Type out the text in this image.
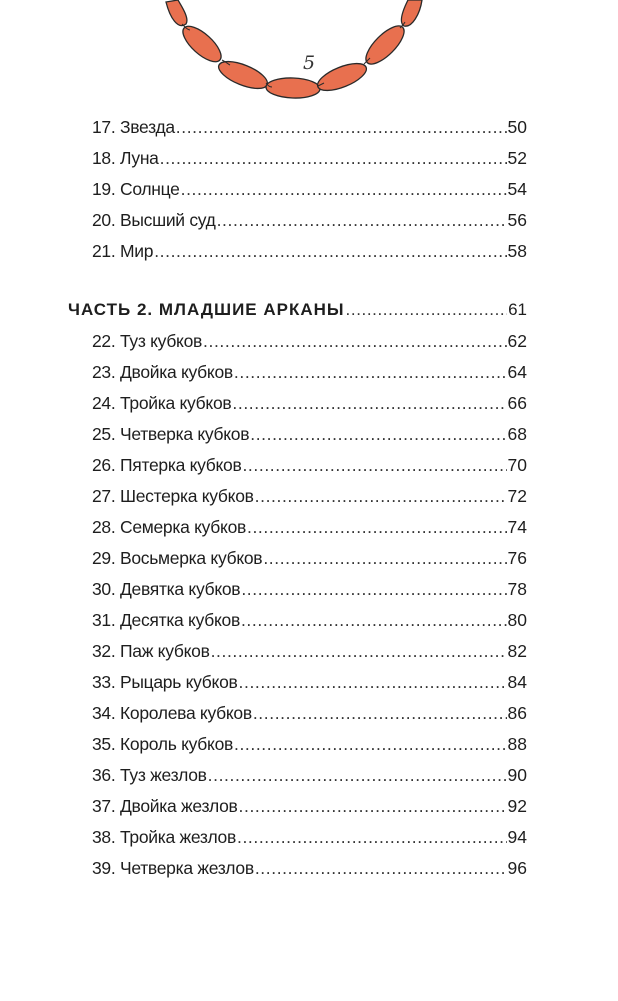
5
17. Звезда .....	50
18. Луна .....	52
19. Солнце .....	54
20. Высший суд .....	56
21. Мир .....	58
ЧАСТЬ 2. МЛАДШИЕ АРКАНЫ .....	61
22. Туз кубков .....	62
23. Двойка кубков .....	64
24. Тройка кубков .....	66
25. Четверка кубков .....	68
26. Пятерка кубков .....	70
27. Шестерка кубков .....	72
28. Семерка кубков .....	74
29. Восьмерка кубков .....	76
30. Девятка кубков .....	78
31. Десятка кубков .....	80
32. Паж кубков .....	82
33. Рыцарь кубков .....	84
34. Королева кубков .....	86
35. Король кубков .....	88
36. Туз жезлов .....	90
37. Двойка жезлов .....	92
38. Тройка жезлов .....	94
39. Четверка жезлов .....	96
